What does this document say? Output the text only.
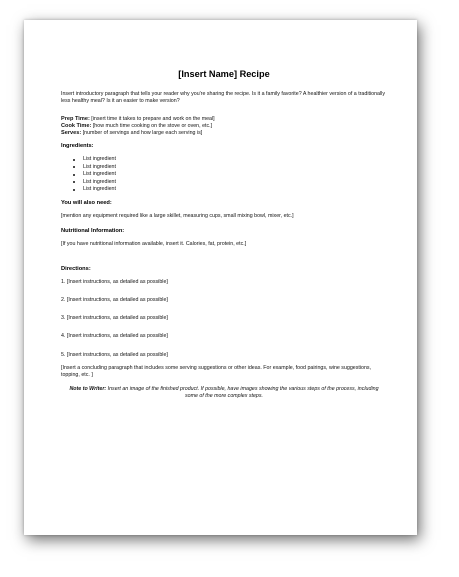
[Insert Name] Recipe
Insert introductory paragraph that tells your reader why you're sharing the recipe. Is it a family favorite? A healthier version of a traditionally less healthy meal? Is it an easier to make version?
Prep Time: [insert time it takes to prepare and work on the meal]
Cook Time: [how much time cooking on the stove or oven, etc.]
Serves: [number of servings and how large each serving is]
Ingredients:
List ingredient
List ingredient
List ingredient
List ingredient
List ingredient
You will also need:
[mention any equipment required like a large skillet, measuring cups, small mixing bowl, mixer, etc.]
Nutritional Information:
[If you have nutritional information available, insert it. Calories, fat, protein, etc.]
Directions:
1. [Insert instructions, as detailed as possible]
2. [Insert instructions, as detailed as possible]
3. [Insert instructions, as detailed as possible]
4. [Insert instructions, as detailed as possible]
5. [Insert instructions, as detailed as possible]
[Insert a concluding paragraph that includes some serving suggestions or other ideas. For example, food pairings, wine suggestions, topping, etc. ]
Note to Writer: Insert an image of the finished product. If possible, have images showing the various steps of the process, including some of the more complex steps.
